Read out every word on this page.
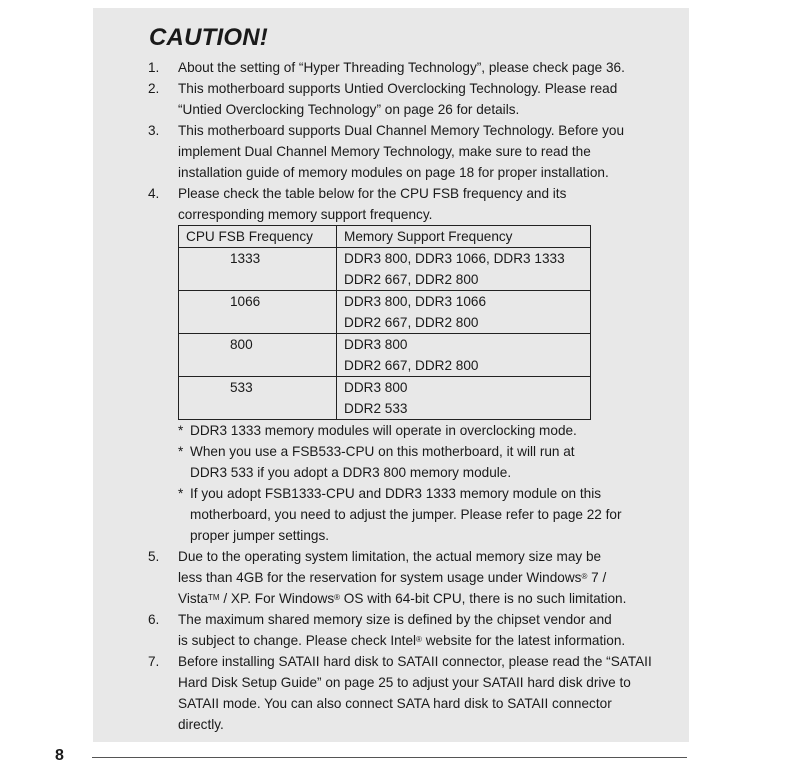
CAUTION!
1. About the setting of “Hyper Threading Technology”, please check page 36.
2. This motherboard supports Untied Overclocking Technology. Please read
“Untied Overclocking Technology” on page 26 for details.
3. This motherboard supports Dual Channel Memory Technology. Before you
implement Dual Channel Memory Technology, make sure to read the
installation guide of memory modules on page 18 for proper installation.
4. Please check the table below for the CPU FSB frequency and its
corresponding memory support frequency.
CPU FSB Frequency	Memory Support Frequency
1333	DDR3 800, DDR3 1066, DDR3 1333
DDR2 667, DDR2 800

1066	DDR3 800, DDR3 1066
DDR2 667, DDR2 800

800	DDR3 800
DDR2 667, DDR2 800

533	DDR3 800
DDR2 533
* DDR3 1333 memory modules will operate in overclocking mode.
* When you use a FSB533-CPU on this motherboard, it will run at
DDR3 533 if you adopt a DDR3 800 memory module.
* If you adopt FSB1333-CPU and DDR3 1333 memory module on this
motherboard, you need to adjust the jumper. Please refer to page 22 for
proper jumper settings.
5. Due to the operating system limitation, the actual memory size may be
less than 4GB for the reservation for system usage under Windows® 7 /
Vista™ / XP. For Windows® OS with 64-bit CPU, there is no such limitation.
6. The maximum shared memory size is defined by the chipset vendor and
is subject to change. Please check Intel® website for the latest information.
7. Before installing SATAII hard disk to SATAII connector, please read the “SATAII
Hard Disk Setup Guide” on page 25 to adjust your SATAII hard disk drive to
SATAII mode. You can also connect SATA hard disk to SATAII connector
directly.
8
